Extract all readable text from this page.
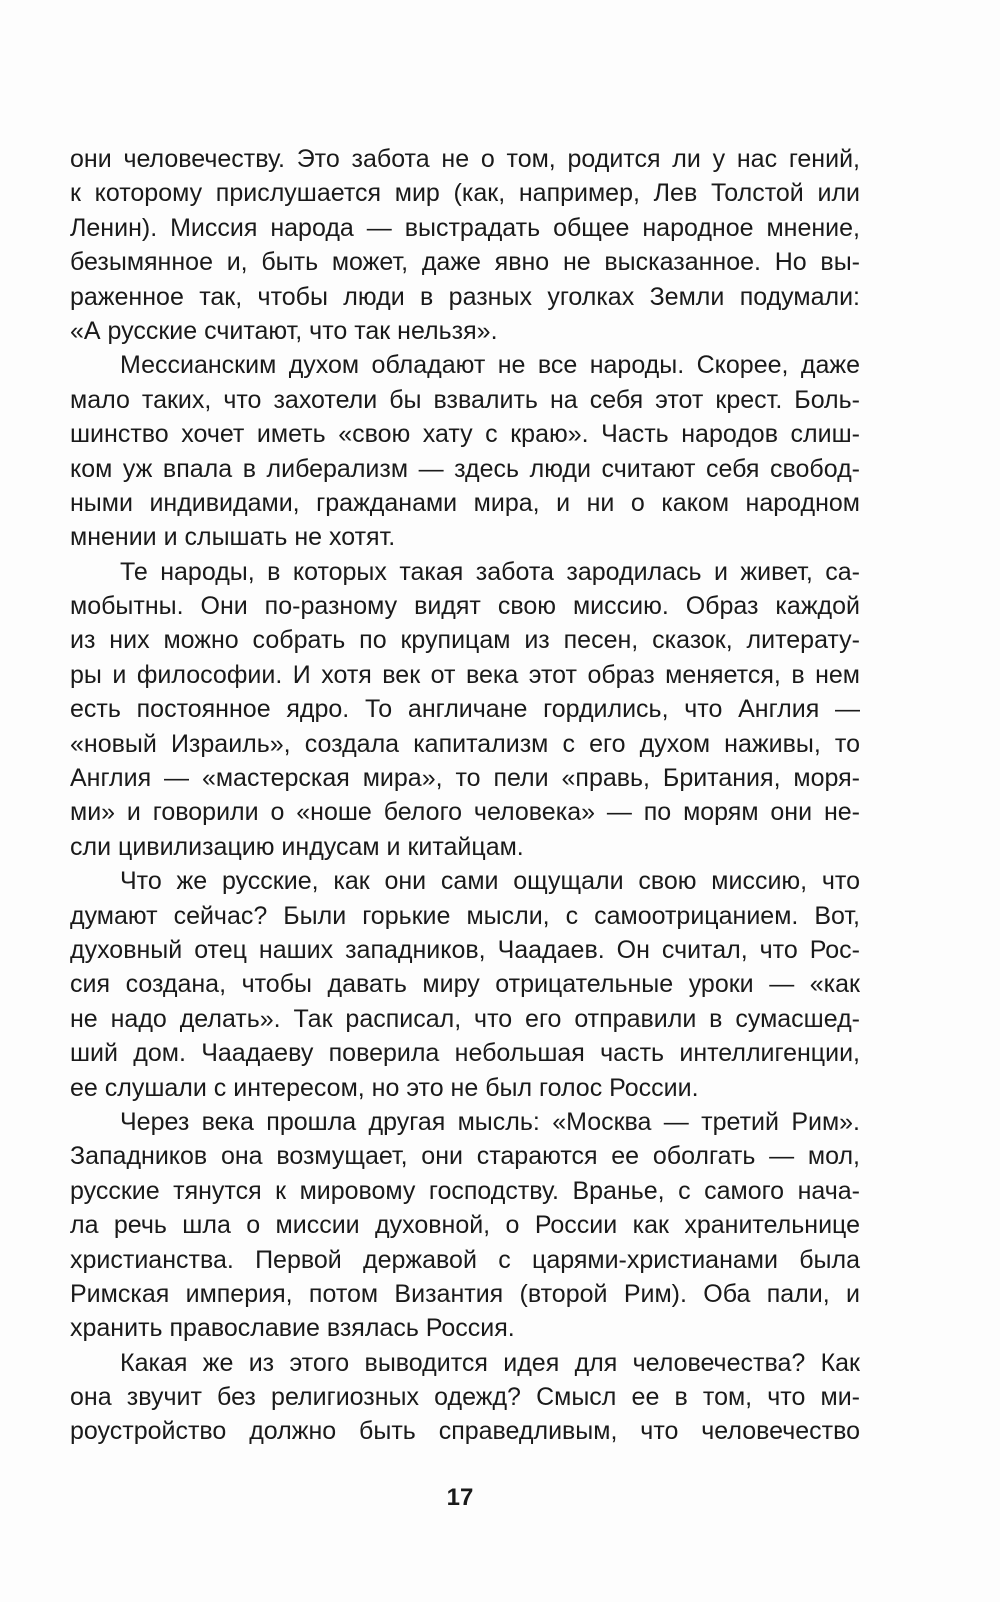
они человечеству. Это забота не о том, родится ли у нас гений,
к которому прислушается мир (как, например, Лев Толстой или
Ленин). Миссия народа — выстрадать общее народное мнение,
безымянное и, быть может, даже явно не высказанное. Но вы-
раженное так, чтобы люди в разных уголках Земли подумали:
«А русские считают, что так нельзя».
Мессианским духом обладают не все народы. Скорее, даже
мало таких, что захотели бы взвалить на себя этот крест. Боль-
шинство хочет иметь «свою хату с краю». Часть народов слиш-
ком уж впала в либерализм — здесь люди считают себя свобод-
ными индивидами, гражданами мира, и ни о каком народном
мнении и слышать не хотят.
Те народы, в которых такая забота зародилась и живет, са-
мобытны. Они по-разному видят свою миссию. Образ каждой
из них можно собрать по крупицам из песен, сказок, литерату-
ры и философии. И хотя век от века этот образ меняется, в нем
есть постоянное ядро. То англичане гордились, что Англия —
«новый Израиль», создала капитализм с его духом наживы, то
Англия — «мастерская мира», то пели «правь, Британия, моря-
ми» и говорили о «ноше белого человека» — по морям они не-
сли цивилизацию индусам и китайцам.
Что же русские, как они сами ощущали свою миссию, что
думают сейчас? Были горькие мысли, с самоотрицанием. Вот,
духовный отец наших западников, Чаадаев. Он считал, что Рос-
сия создана, чтобы давать миру отрицательные уроки — «как
не надо делать». Так расписал, что его отправили в сумасшед-
ший дом. Чаадаеву поверила небольшая часть интеллигенции,
ее слушали с интересом, но это не был голос России.
Через века прошла другая мысль: «Москва — третий Рим».
Западников она возмущает, они стараются ее оболгать — мол,
русские тянутся к мировому господству. Вранье, с самого нача-
ла речь шла о миссии духовной, о России как хранительнице
христианства. Первой державой с царями-христианами была
Римская империя, потом Византия (второй Рим). Оба пали, и
хранить православие взялась Россия.
Какая же из этого выводится идея для человечества? Как
она звучит без религиозных одежд? Смысл ее в том, что ми-
роустройство должно быть справедливым, что человечество
17
